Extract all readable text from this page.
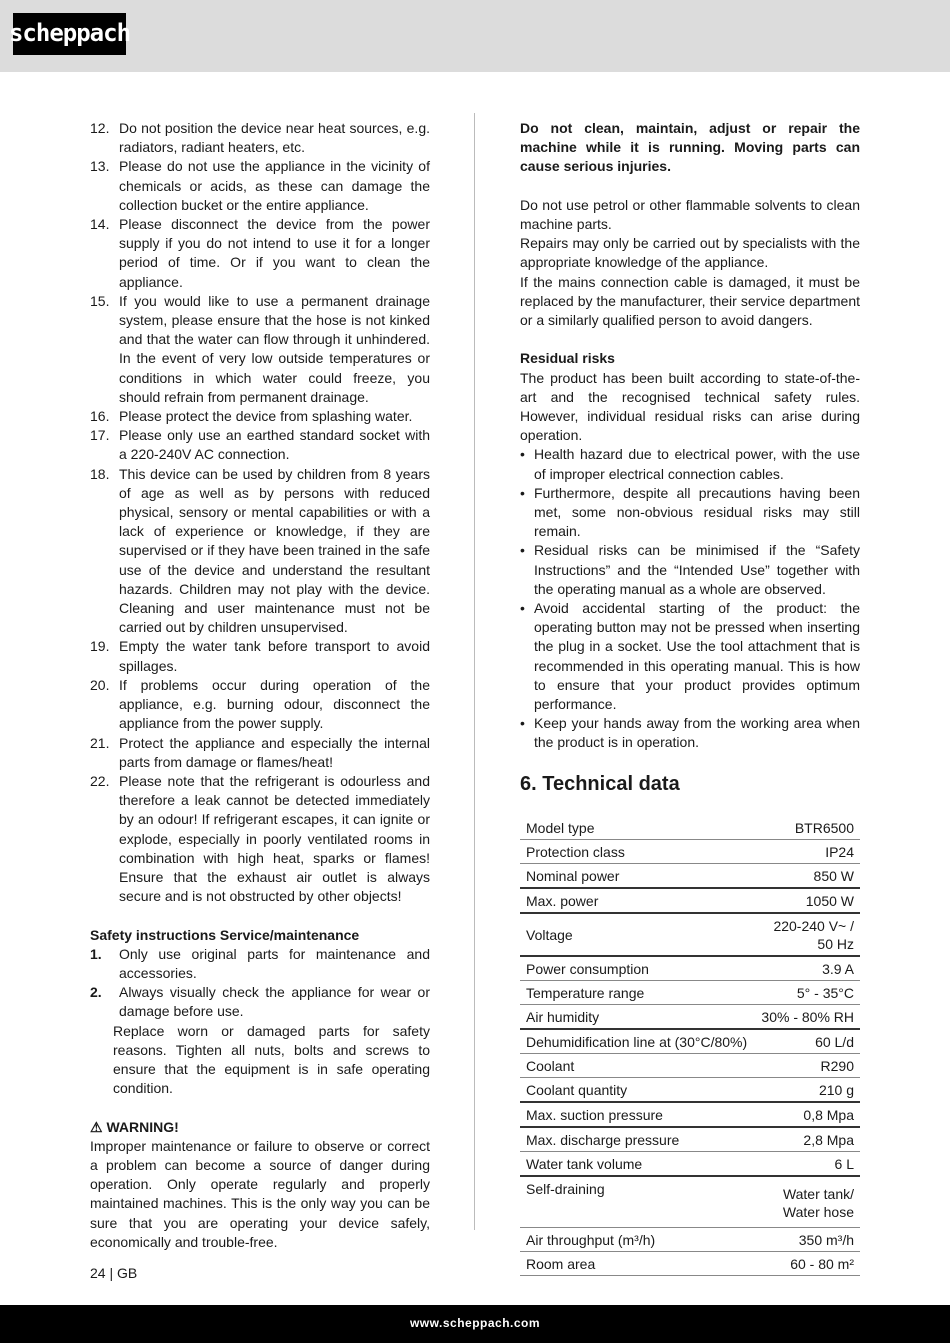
scheppach
12. Do not position the device near heat sources, e.g. radiators, radiant heaters, etc.
13. Please do not use the appliance in the vicinity of chemicals or acids, as these can damage the collection bucket or the entire appliance.
14. Please disconnect the device from the power supply if you do not intend to use it for a longer period of time. Or if you want to clean the appliance.
15. If you would like to use a permanent drainage system, please ensure that the hose is not kinked and that the water can flow through it unhindered. In the event of very low outside temperatures or conditions in which water could freeze, you should refrain from permanent drainage.
16. Please protect the device from splashing water.
17. Please only use an earthed standard socket with a 220-240V AC connection.
18. This device can be used by children from 8 years of age as well as by persons with reduced physical, sensory or mental capabilities or with a lack of experience or knowledge, if they are supervised or if they have been trained in the safe use of the device and understand the resultant hazards. Children may not play with the device. Cleaning and user maintenance must not be carried out by children unsupervised.
19. Empty the water tank before transport to avoid spillages.
20. If problems occur during operation of the appliance, e.g. burning odour, disconnect the appliance from the power supply.
21. Protect the appliance and especially the internal parts from damage or flames/heat!
22. Please note that the refrigerant is odourless and therefore a leak cannot be detected immediately by an odour! If refrigerant escapes, it can ignite or explode, especially in poorly ventilated rooms in combination with high heat, sparks or flames! Ensure that the exhaust air outlet is always secure and is not obstructed by other objects!
Safety instructions Service/maintenance
1.	Only use original parts for maintenance and accessories.
2.	Always visually check the appliance for wear or damage before use.
Replace worn or damaged parts for safety reasons. Tighten all nuts, bolts and screws to ensure that the equipment is in safe operating condition.
⚠ WARNING!
Improper maintenance or failure to observe or correct a problem can become a source of danger during operation. Only operate regularly and properly maintained machines. This is the only way you can be sure that you are operating your device safely, economically and trouble-free.
Do not clean, maintain, adjust or repair the machine while it is running. Moving parts can cause serious injuries.
Do not use petrol or other flammable solvents to clean machine parts.
Repairs may only be carried out by specialists with the appropriate knowledge of the appliance.
If the mains connection cable is damaged, it must be replaced by the manufacturer, their service department or a similarly qualified person to avoid dangers.
Residual risks
The product has been built according to state-of-the-art and the recognised technical safety rules. However, individual residual risks can arise during operation.
• Health hazard due to electrical power, with the use of improper electrical connection cables.
• Furthermore, despite all precautions having been met, some non-obvious residual risks may still remain.
• Residual risks can be minimised if the “Safety Instructions” and the “Intended Use” together with the operating manual as a whole are observed.
• Avoid accidental starting of the product: the operating button may not be pressed when inserting the plug in a socket. Use the tool attachment that is recommended in this operating manual. This is how to ensure that your product provides optimum performance.
• Keep your hands away from the working area when the product is in operation.
6. Technical data
Model type	BTR6500
Protection class	IP24
Nominal power	850 W
Max. power	1050 W
Voltage	220-240 V~ / 50 Hz
Power consumption	3.9 A
Temperature range	5° - 35°C
Air humidity	30% - 80% RH
Dehumidification line at (30°C/80%)	60 L/d
Coolant	R290
Coolant quantity	210 g
Max. suction pressure	0,8 Mpa
Max. discharge pressure	2,8 Mpa
Water tank volume	6 L
Self-draining	Water tank/ Water hose
Air throughput (m³/h)	350 m³/h
Room area	60 - 80 m²
24 | GB
www.scheppach.com
